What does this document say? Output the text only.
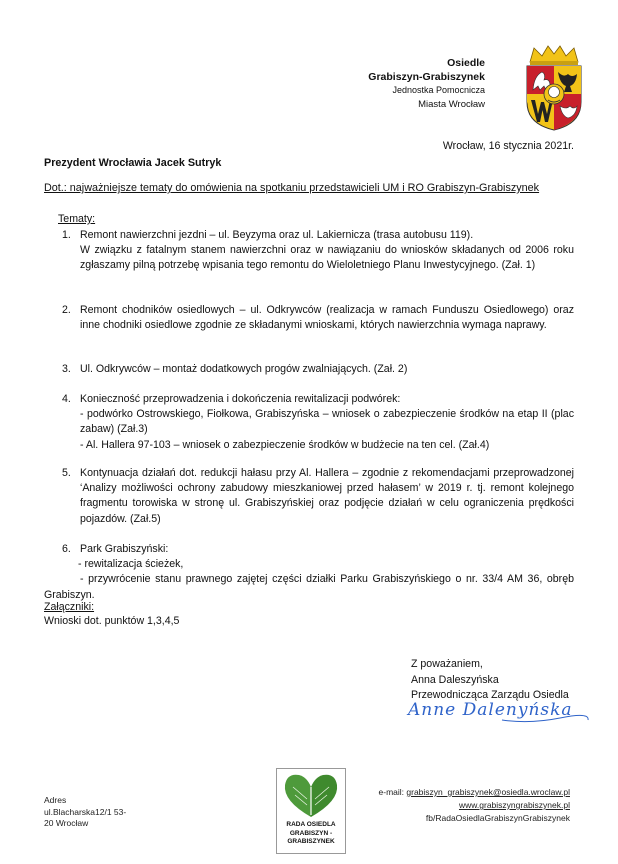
Osiedle
Grabiszyn-Grabiszynek
Jednostka Pomocnicza
Miasta Wrocław
Wrocław, 16 stycznia 2021r.
Prezydent Wrocławia Jacek Sutryk
Dot.: najważniejsze tematy do omówienia na spotkaniu przedstawicieli UM i RO Grabiszyn-Grabiszynek
Tematy:
1. Remont nawierzchni jezdni – ul. Beyzyma oraz ul. Lakiernicza (trasa autobusu 119).
W związku z fatalnym stanem nawierzchni oraz w nawiązaniu do wniosków składanych od 2006 roku zgłaszamy pilną potrzebę wpisania tego remontu do Wieloletniego Planu Inwestycyjnego. (Zał. 1)
2. Remont chodników osiedlowych – ul. Odkrywców (realizacja w ramach Funduszu Osiedlowego) oraz inne chodniki osiedlowe zgodnie ze składanymi wnioskami, których nawierzchnia wymaga naprawy.
3. Ul. Odkrywców – montaż dodatkowych progów zwalniających. (Zał. 2)
4. Konieczność przeprowadzenia i dokończenia rewitalizacji podwórek:
- podwórko Ostrowskiego, Fiołkowa, Grabiszyńska – wniosek o zabezpieczenie środków na etap II (plac zabaw) (Zał.3)
- Al. Hallera 97-103 – wniosek o zabezpieczenie środków w budżecie na ten cel. (Zał.4)
5. Kontynuacja działań dot. redukcji hałasu przy Al. Hallera – zgodnie z rekomendacjami przeprowadzonej ‘Analizy możliwości ochrony zabudowy mieszkaniowej przed hałasem’ w 2019 r. tj. remont kolejnego fragmentu torowiska w stronę ul. Grabiszyńskiej oraz podjęcie działań w celu ograniczenia prędkości pojazdów. (Zał.5)
6. Park Grabiszyński:
- rewitalizacja ścieżek,
- przywrócenie stanu prawnego zajętej części działki Parku Grabiszyńskiego o nr. 33/4 AM 36, obręb Grabiszyn.
Załączniki:
Wnioski dot. punktów 1,3,4,5
Z poważaniem,
Anna Daleszyńska
Przewodnicząca Zarządu Osiedla
Anne Dalenyńska
Adres
ul.Blacharska12/1 53-
20 Wrocław	RADA OSIEDLA
GRABISZYN -
GRABISZYNEK
e-mail: grabiszyn_grabiszynek@osiedla.wroclaw.pl
www.grabiszyngrabiszynek.pl
fb/RadaOsiedlaGrabiszynGrabiszynek
